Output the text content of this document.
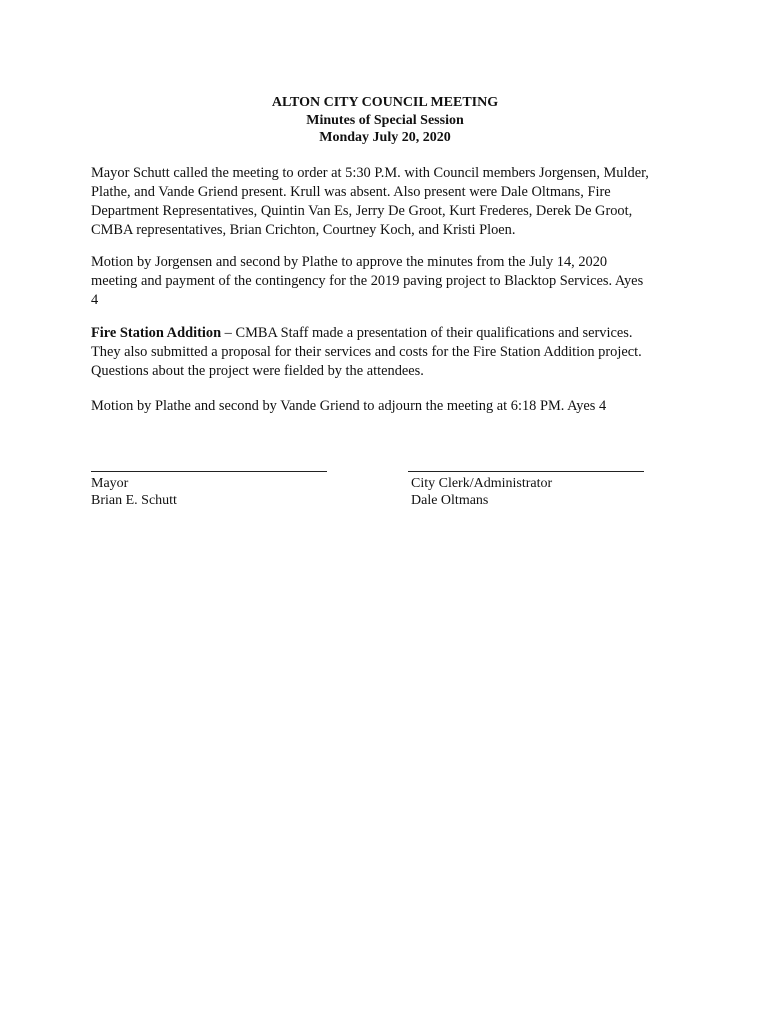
ALTON CITY COUNCIL MEETING
Minutes of Special Session
Monday July 20, 2020
Mayor Schutt called the meeting to order at 5:30 P.M. with Council members Jorgensen, Mulder,
Plathe, and Vande Griend present. Krull was absent. Also present were Dale Oltmans, Fire
Department Representatives, Quintin Van Es, Jerry De Groot, Kurt Frederes, Derek De Groot,
CMBA representatives, Brian Crichton, Courtney Koch, and Kristi Ploen.
Motion by Jorgensen and second by Plathe to approve the minutes from the July 14, 2020
meeting and payment of the contingency for the 2019 paving project to Blacktop Services. Ayes
4
Fire Station Addition – CMBA Staff made a presentation of their qualifications and services.
They also submitted a proposal for their services and costs for the Fire Station Addition project.
Questions about the project were fielded by the attendees.
Motion by Plathe and second by Vande Griend to adjourn the meeting at 6:18 PM. Ayes 4
Mayor
Brian E. Schutt
City Clerk/Administrator
Dale Oltmans
